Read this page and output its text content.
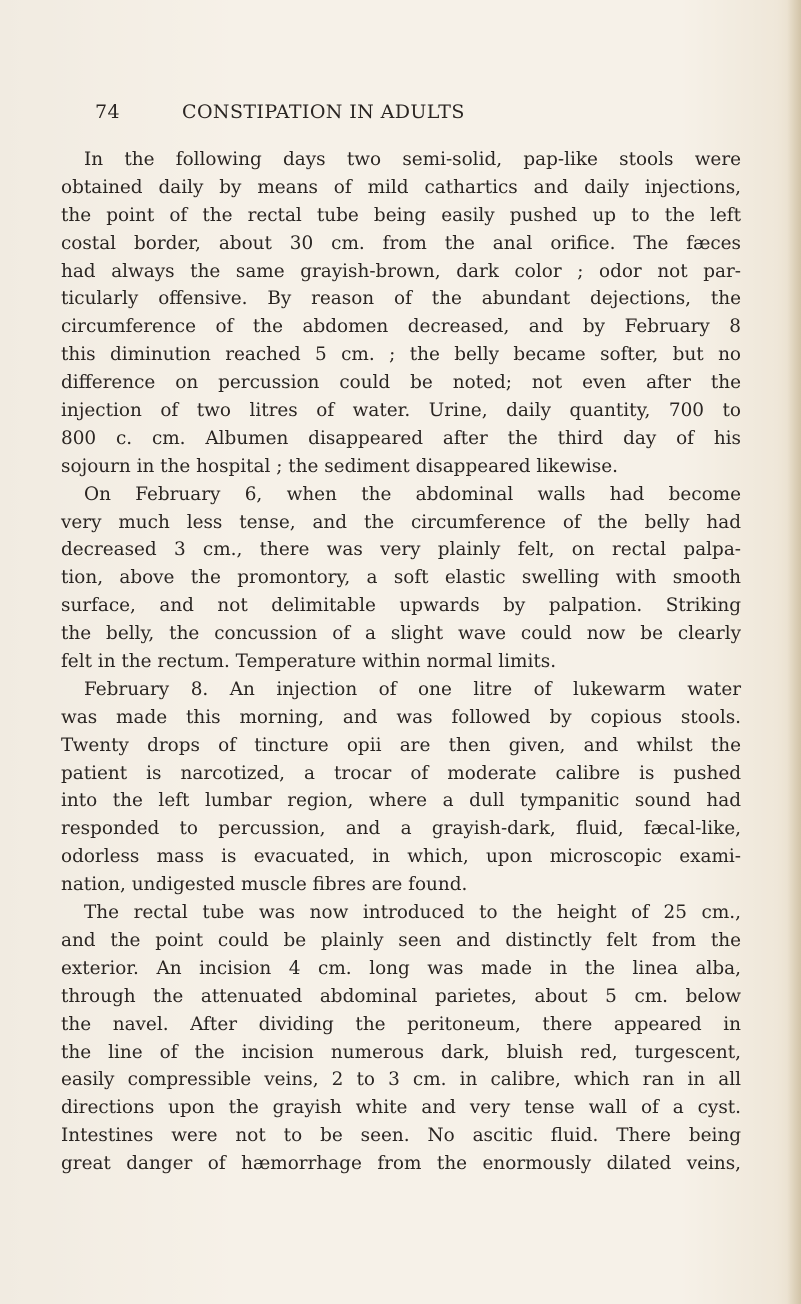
74	CONSTIPATION IN ADULTS
In the following days two semi-solid, pap-like stools were
obtained daily by means of mild cathartics and daily injections,
the point of the rectal tube being easily pushed up to the left
costal border, about 30 cm. from the anal orifice. The fæces
had always the same grayish-brown, dark color ; odor not par-
ticularly offensive. By reason of the abundant dejections, the
circumference of the abdomen decreased, and by February 8
this diminution reached 5 cm. ; the belly became softer, but no
difference on percussion could be noted; not even after the
injection of two litres of water. Urine, daily quantity, 700 to
800 c. cm. Albumen disappeared after the third day of his
sojourn in the hospital ; the sediment disappeared likewise.
On February 6, when the abdominal walls had become
very much less tense, and the circumference of the belly had
decreased 3 cm., there was very plainly felt, on rectal palpa-
tion, above the promontory, a soft elastic swelling with smooth
surface, and not delimitable upwards by palpation. Striking
the belly, the concussion of a slight wave could now be clearly
felt in the rectum. Temperature within normal limits.
February 8. An injection of one litre of lukewarm water
was made this morning, and was followed by copious stools.
Twenty drops of tincture opii are then given, and whilst the
patient is narcotized, a trocar of moderate calibre is pushed
into the left lumbar region, where a dull tympanitic sound had
responded to percussion, and a grayish-dark, fluid, fæcal-like,
odorless mass is evacuated, in which, upon microscopic exami-
nation, undigested muscle fibres are found.
The rectal tube was now introduced to the height of 25 cm.,
and the point could be plainly seen and distinctly felt from the
exterior. An incision 4 cm. long was made in the linea alba,
through the attenuated abdominal parietes, about 5 cm. below
the navel. After dividing the peritoneum, there appeared in
the line of the incision numerous dark, bluish red, turgescent,
easily compressible veins, 2 to 3 cm. in calibre, which ran in all
directions upon the grayish white and very tense wall of a cyst.
Intestines were not to be seen. No ascitic fluid. There being
great danger of hæmorrhage from the enormously dilated veins,
